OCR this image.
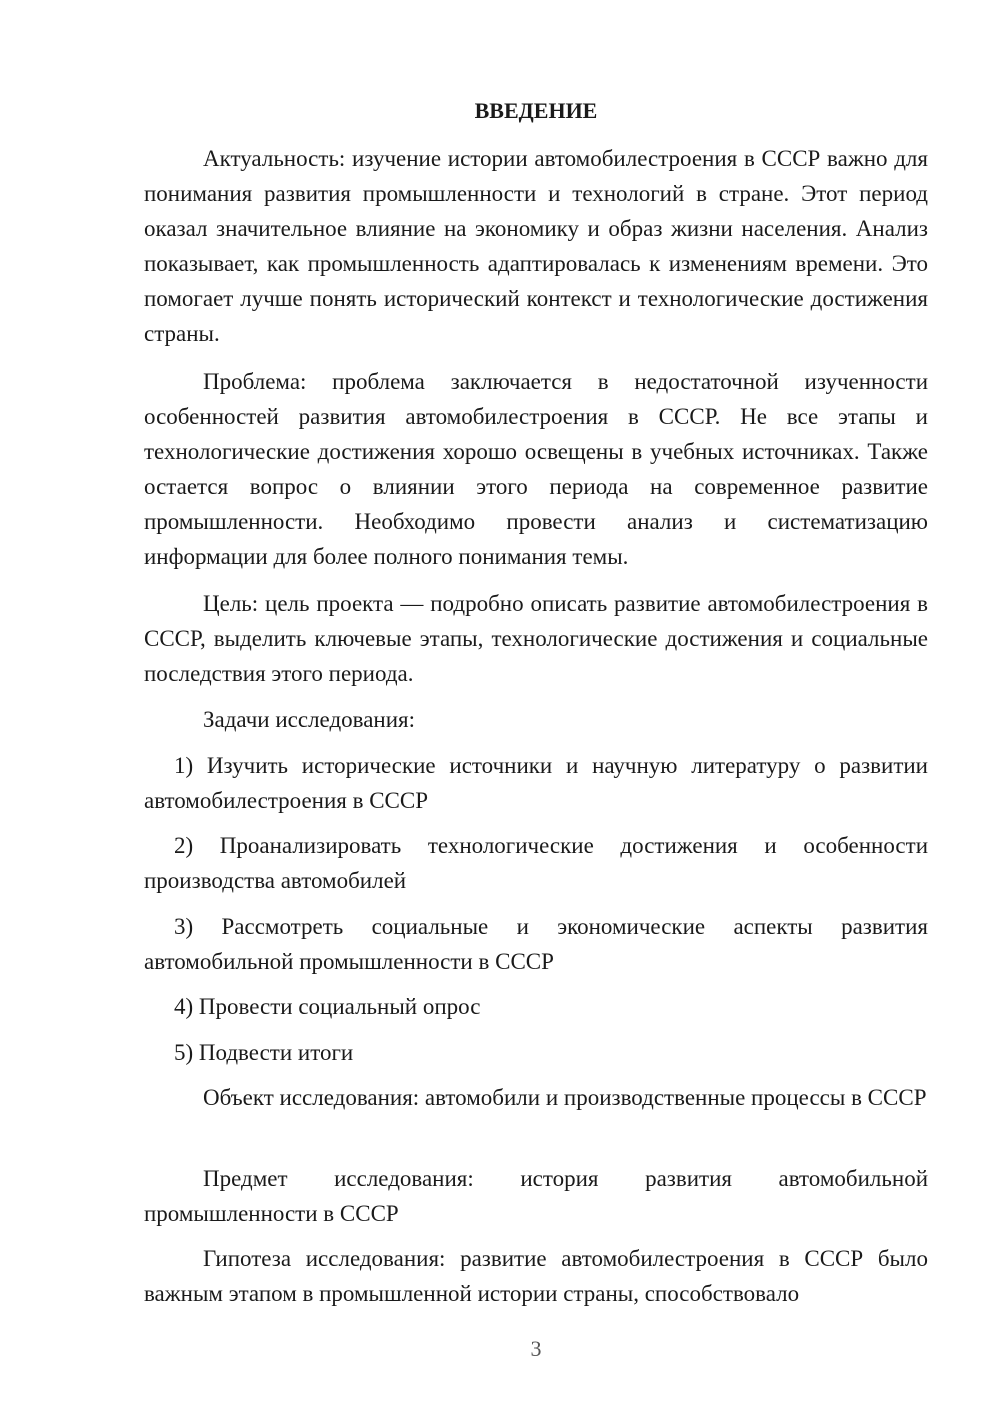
ВВЕДЕНИЕ

Актуальность: изучение истории автомобилестроения в СССР важно для понимания развития промышленности и технологий в стране. Этот период оказал значительное влияние на экономику и образ жизни населения. Анализ показывает, как промышленность адаптировалась к изменениям времени. Это помогает лучше понять исторический контекст и технологические достижения страны.

Проблема: проблема заключается в недостаточной изученности особенностей развития автомобилестроения в СССР. Не все этапы и технологические достижения хорошо освещены в учебных источниках. Также остается вопрос о влиянии этого периода на современное развитие промышленности. Необходимо провести анализ и систематизацию информации для более полного понимания темы.

Цель: цель проекта — подробно описать развитие автомобилестроения в СССР, выделить ключевые этапы, технологические достижения и социальные последствия этого периода.

Задачи исследования:

1) Изучить исторические источники и научную литературу о развитии автомобилестроения в СССР

2) Проанализировать технологические достижения и особенности производства автомобилей

3) Рассмотреть социальные и экономические аспекты развития автомобильной промышленности в СССР

4) Провести социальный опрос

5) Подвести итоги

Объект исследования: автомобили и производственные процессы в СССР

Предмет исследования: история развития автомобильной промышленности в СССР

Гипотеза исследования: развитие автомобилестроения в СССР было важным этапом в промышленной истории страны, способствовало

3
